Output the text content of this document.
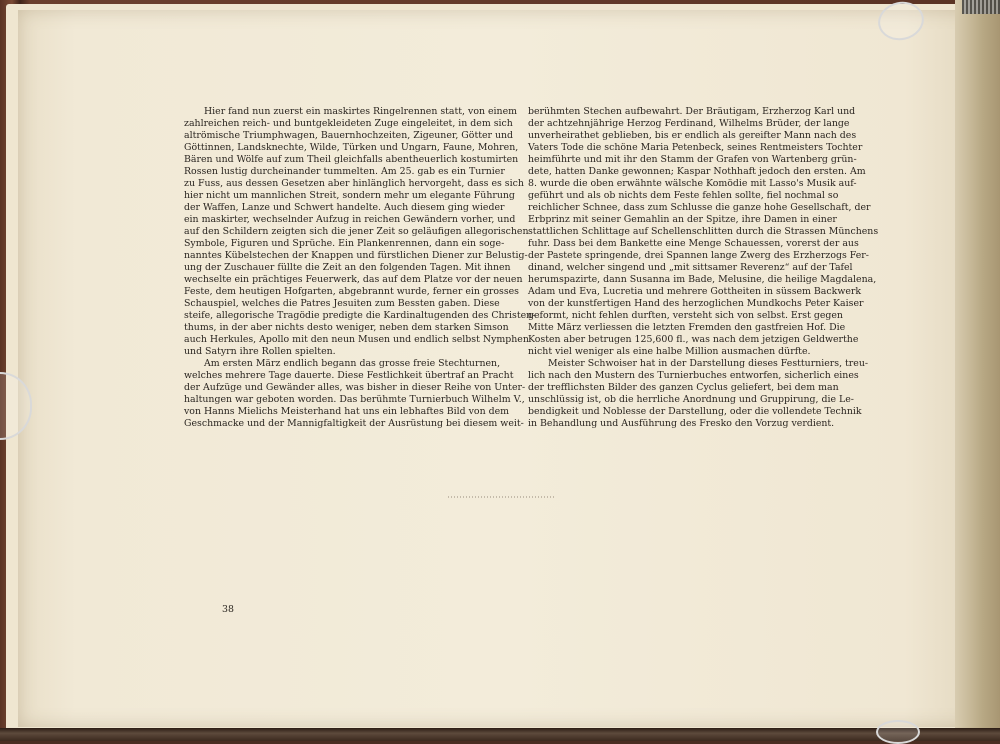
Hier fand nun zuerst ein maskirtes Ringelrennen statt, von einem
zahlreichen reich- und buntgekleideten Zuge eingeleitet, in dem sich
altrömische Triumphwagen, Bauernhochzeiten, Zigeuner, Götter und
Göttinnen, Landsknechte, Wilde, Türken und Ungarn, Faune, Mohren,
Bären und Wölfe auf zum Theil gleichfalls abentheuerlich kostumirten
Rossen lustig durcheinander tummelten. Am 25. gab es ein Turnier
zu Fuss, aus dessen Gesetzen aber hinlänglich hervorgeht, dass es sich
hier nicht um mannlichen Streit, sondern mehr um elegante Führung
der Waffen, Lanze und Schwert handelte. Auch diesem ging wieder
ein maskirter, wechselnder Aufzug in reichen Gewändern vorher, und
auf den Schildern zeigten sich die jener Zeit so geläufigen allegorischen
Symbole, Figuren und Sprüche. Ein Plankenrennen, dann ein soge-
nanntes Kübelstechen der Knappen und fürstlichen Diener zur Belustig-
ung der Zuschauer füllte die Zeit an den folgenden Tagen. Mit ihnen
wechselte ein prächtiges Feuerwerk, das auf dem Platze vor der neuen
Feste, dem heutigen Hofgarten, abgebrannt wurde, ferner ein grosses
Schauspiel, welches die Patres Jesuiten zum Bessten gaben. Diese
steife, allegorische Tragödie predigte die Kardinaltugenden des Christen-
thums, in der aber nichts desto weniger, neben dem starken Simson
auch Herkules, Apollo mit den neun Musen und endlich selbst Nymphen
und Satyrn ihre Rollen spielten.
Am ersten März endlich begann das grosse freie Stechturnen,
welches mehrere Tage dauerte. Diese Festlichkeit übertraf an Pracht
der Aufzüge und Gewänder alles, was bisher in dieser Reihe von Unter-
haltungen war geboten worden. Das berühmte Turnierbuch Wilhelm V.,
von Hanns Mielichs Meisterhand hat uns ein lebhaftes Bild von dem
Geschmacke und der Mannigfaltigkeit der Ausrüstung bei diesem weit-
berühmten Stechen aufbewahrt. Der Bräutigam, Erzherzog Karl und
der achtzehnjährige Herzog Ferdinand, Wilhelms Brüder, der lange
unverheirathet geblieben, bis er endlich als gereifter Mann nach des
Vaters Tode die schöne Maria Petenbeck, seines Rentmeisters Tochter
heimführte und mit ihr den Stamm der Grafen von Wartenberg grün-
dete, hatten Danke gewonnen; Kaspar Nothhaft jedoch den ersten. Am
8. wurde die oben erwähnte wälsche Komödie mit Lasso's Musik auf-
geführt und als ob nichts dem Feste fehlen sollte, fiel nochmal so
reichlicher Schnee, dass zum Schlusse die ganze hohe Gesellschaft, der
Erbprinz mit seiner Gemahlin an der Spitze, ihre Damen in einer
stattlichen Schlittage auf Schellenschlitten durch die Strassen Münchens
fuhr. Dass bei dem Bankette eine Menge Schauessen, vorerst der aus
der Pastete springende, drei Spannen lange Zwerg des Erzherzogs Fer-
dinand, welcher singend und „mit sittsamer Reverenz“ auf der Tafel
herumspazirte, dann Susanna im Bade, Melusine, die heilige Magdalena,
Adam und Eva, Lucretia und mehrere Gottheiten in süssem Backwerk
von der kunstfertigen Hand des herzoglichen Mundkochs Peter Kaiser
geformt, nicht fehlen durften, versteht sich von selbst. Erst gegen
Mitte März verliessen die letzten Fremden den gastfreien Hof. Die
Kosten aber betrugen 125,600 fl., was nach dem jetzigen Geldwerthe
nicht viel weniger als eine halbe Million ausmachen dürfte.
Meister Schwoiser hat in der Darstellung dieses Festturniers, treu-
lich nach den Mustern des Turnierbuches entworfen, sicherlich eines
der trefflichsten Bilder des ganzen Cyclus geliefert, bei dem man
unschlüssig ist, ob die herrliche Anordnung und Gruppirung, die Le-
bendigkeit und Noblesse der Darstellung, oder die vollendete Technik
in Behandlung und Ausführung des Fresko den Vorzug verdient.
38
